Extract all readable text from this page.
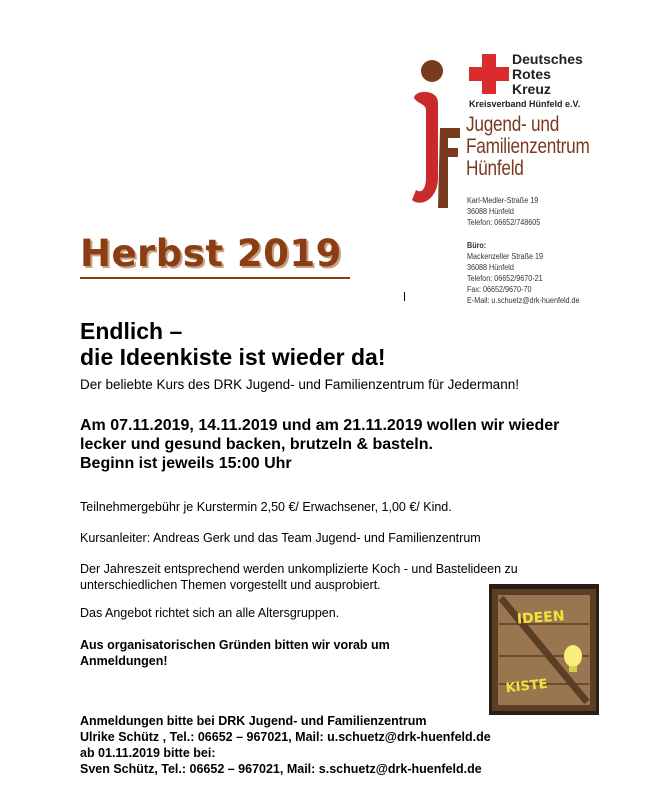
Deutsches
Rotes
Kreuz
Kreisverband Hünfeld e.V.
Jugend- und
Familienzentrum
Hünfeld
Karl-Medler-Straße 19
36088 Hünfeld
Telefon: 06652/748605
Büro:
Mackenzeller Straße 19
36088 Hünfeld
Telefon: 06652/9670-21
Fax: 06652/9670-70
E-Mail: u.schuetz@drk-huenfeld.de
Herbst 2019
Endlich –
die Ideenkiste ist wieder da!
Der beliebte Kurs des DRK Jugend- und Familienzentrum für Jedermann!
Am 07.11.2019, 14.11.2019 und am 21.11.2019 wollen wir wieder
lecker und gesund backen, brutzeln & basteln.
Beginn ist jeweils 15:00 Uhr
Teilnehmergebühr je Kurstermin 2,50 €/ Erwachsener, 1,00 €/ Kind.
Kursanleiter: Andreas Gerk und das Team Jugend- und Familienzentrum
Der Jahreszeit entsprechend werden unkomplizierte Koch - und Bastelideen zu
unterschiedlichen Themen vorgestellt und ausprobiert.
Das Angebot richtet sich an alle Altersgruppen.
Aus organisatorischen Gründen bitten wir vorab um
Anmeldungen!
Anmeldungen bitte bei DRK Jugend- und Familienzentrum
Ulrike Schütz , Tel.: 06652 – 967021, Mail: u.schuetz@drk-huenfeld.de
ab 01.11.2019 bitte bei:
Sven Schütz, Tel.: 06652 – 967021, Mail: s.schuetz@drk-huenfeld.de
IDEEN
KISTE
